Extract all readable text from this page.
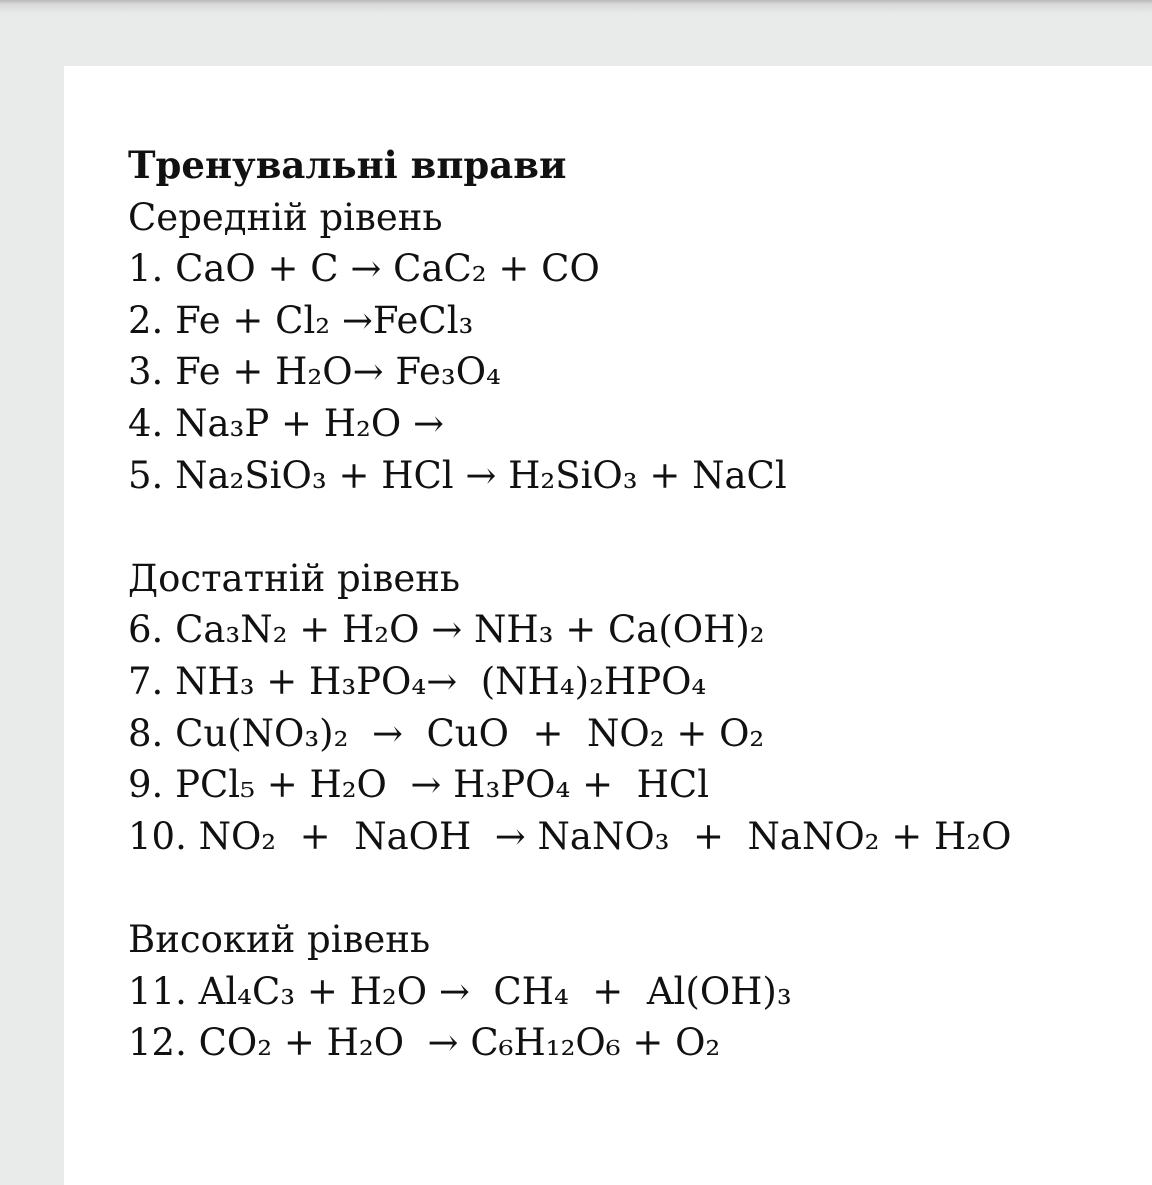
Тренувальні вправи
Середній рівень
1. CaO + C → CaC₂ + CO
2. Fe + Cl₂ →FeCl₃
3. Fe + H₂O→ Fe₃O₄
4. Na₃P + H₂O →
5. Na₂SiO₃ + HCl → H₂SiO₃ + NaCl
Достатній рівень
6. Ca₃N₂ + H₂O → NH₃ + Ca(OH)₂
7. NH₃ + H₃PO₄→  (NH₄)₂HPO₄
8. Cu(NO₃)₂  →  CuO  +  NO₂ + O₂
9. PCl₅ + H₂O  → H₃PO₄ +  HCl
10. NO₂  +  NaOH  → NaNO₃  +  NaNO₂ + H₂O
Високий рівень
11. Al₄C₃ + H₂O →  CH₄  +  Al(OH)₃
12. CO₂ + H₂O  → C₆H₁₂O₆ + O₂
